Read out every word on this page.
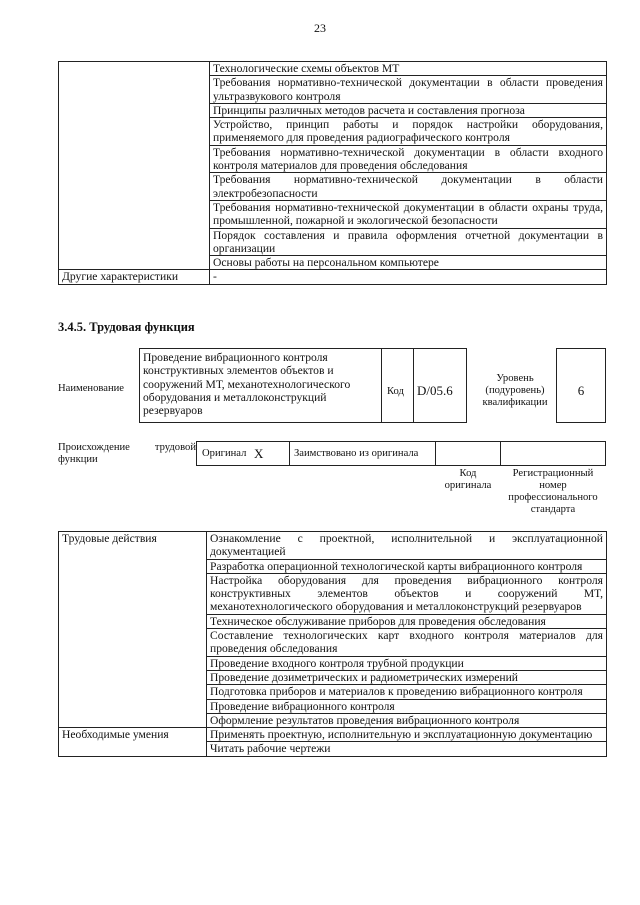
23
	Технологические схемы объектов МТ
	Требования нормативно-технической документации в области проведения ультразвукового контроля
	Принципы различных методов расчета и составления прогноза
	Устройство, принцип работы и порядок настройки оборудования, применяемого для проведения радиографического контроля
	Требования нормативно-технической документации в области входного контроля материалов для проведения обследования
	Требования нормативно-технической документации в области электробезопасности
	Требования нормативно-технической документации в области охраны труда, промышленной, пожарной и экологической безопасности
	Порядок составления и правила оформления отчетной документации в организации
	Основы работы на персональном компьютере
Другие характеристики	-
3.4.5. Трудовая функция
Наименование
Проведение вибрационного контроля конструктивных элементов объектов и сооружений МТ, механотехнологического оборудования и металлоконструкций резервуаров
Код D/05.6
Уровень (подуровень) квалификации
6
Происхождение трудовой функции
Оригинал X	Заимствовано из оригинала
Код оригинала
Регистрационный номер профессионального стандарта
Трудовые действия	Ознакомление с проектной, исполнительной и эксплуатационной документацией
	Разработка операционной технологической карты вибрационного контроля
	Настройка оборудования для проведения вибрационного контроля конструктивных элементов объектов и сооружений МТ, механотехнологического оборудования и металлоконструкций резервуаров
	Техническое обслуживание приборов для проведения обследования
	Составление технологических карт входного контроля материалов для проведения обследования
	Проведение входного контроля трубной продукции
	Проведение дозиметрических и радиометрических измерений
	Подготовка приборов и материалов к проведению вибрационного контроля
	Проведение вибрационного контроля
	Оформление результатов проведения вибрационного контроля
Необходимые умения	Применять проектную, исполнительную и эксплуатационную документацию
	Читать рабочие чертежи
